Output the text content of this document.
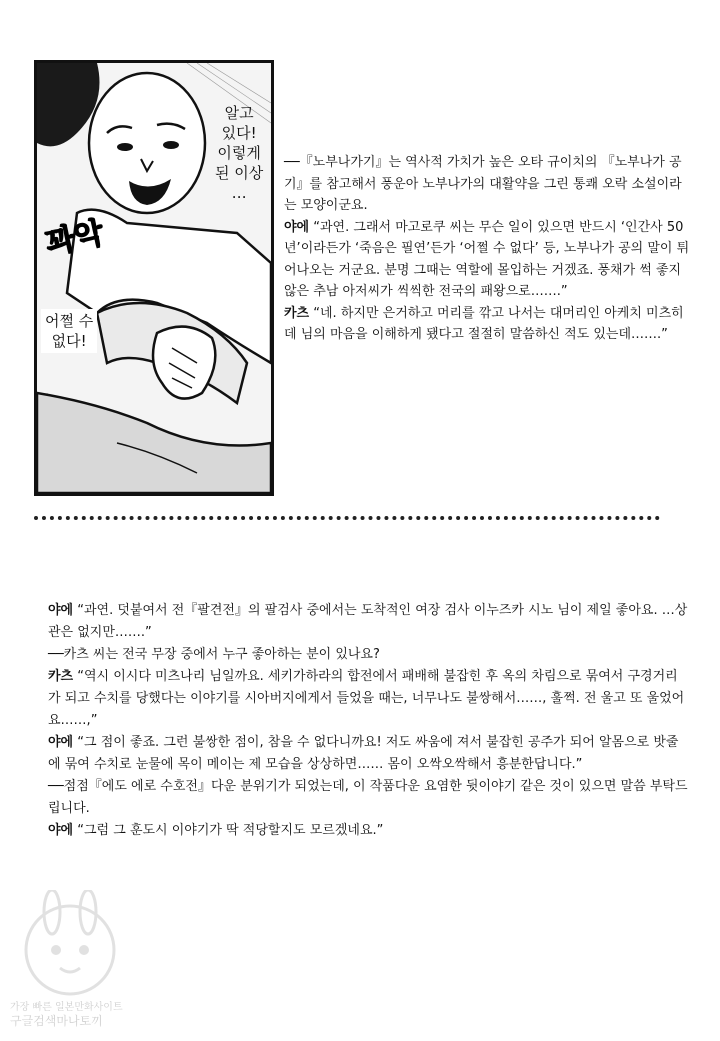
알고
있다!
이렇게
된 이상
…
어쩔 수
없다!
꽈악

──『노부나가기』는 역사적 가치가 높은 오타 규이치의 『노부나가 공기』를 참고해서 풍운아 노부나가의 대활약을 그린 통쾌 오락 소설이라는 모양이군요.

야에 “과연. 그래서 마고로쿠 씨는 무슨 일이 있으면 반드시 ‘인간사 50년’이라든가 ‘죽음은 필연’든가 ‘어쩔 수 없다’ 등, 노부나가 공의 말이 튀어나오는 거군요. 분명 그때는 역할에 몰입하는 거겠죠. 풍채가 썩 좋지 않은 추남 아저씨가 씩씩한 전국의 패왕으로…….”

카츠 “네. 하지만 은거하고 머리를 깎고 나서는 대머리인 아케치 미츠히데 님의 마음을 이해하게 됐다고 절절히 말씀하신 적도 있는데…….”

야에 “과연. 덧붙여서 전『팔견전』의 팔검사 중에서는 도착적인 여장 검사 이누즈카 시노 님이 제일 좋아요. …상관은 없지만…….”

──카츠 씨는 전국 무장 중에서 누구 좋아하는 분이 있나요?

카츠 “역시 이시다 미츠나리 님일까요. 세키가하라의 합전에서 패배해 불잡힌 후 옥의 차림으로 묶여서 구경거리가 되고 수치를 당했다는 이야기를 시아버지에게서 들었을 때는, 너무나도 불쌍해서……, 훌쩍. 전 울고 또 울었어요……,”

야에 “그 점이 좋죠. 그런 불쌍한 점이, 참을 수 없다니까요! 저도 싸움에 져서 불잡힌 공주가 되어 알몸으로 밧줄에 묶여 수치로 눈물에 목이 메이는 제 모습을 상상하면…… 몸이 오싹오싹해서 흥분한답니다.”

──점점『에도 에로 수호전』다운 분위기가 되었는데, 이 작품다운 요염한 뒷이야기 같은 것이 있으면 말씀 부탁드립니다.

야에 “그럼 그 훈도시 이야기가 딱 적당할지도 모르겠네요.”

가장 빠른 일본만화사이트
구글검색마나토끼
